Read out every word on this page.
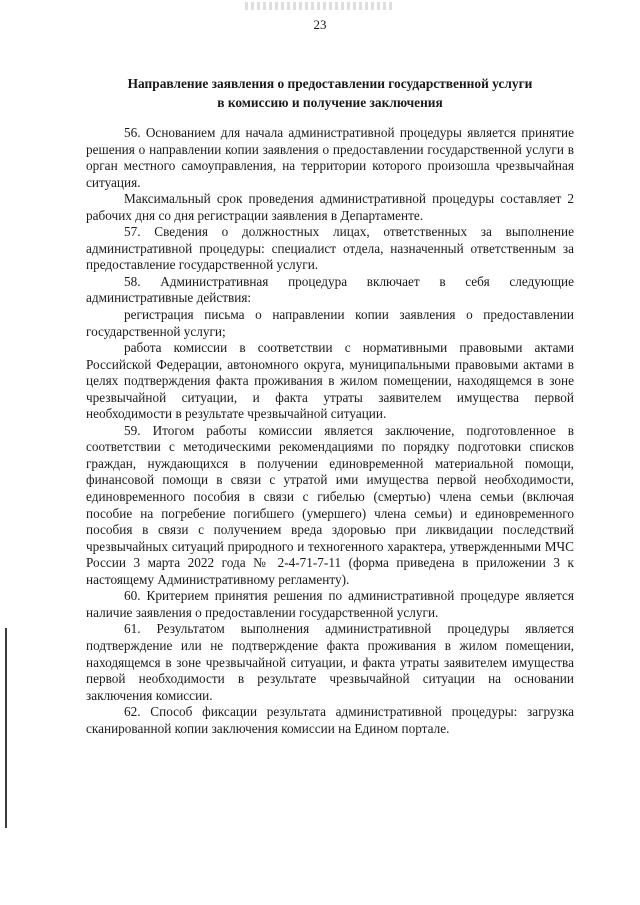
23
Направление заявления о предоставлении государственной услуги
в комиссию и получение заключения

56. Основанием для начала административной процедуры является принятие решения о направлении копии заявления о предоставлении государственной услуги в орган местного самоуправления, на территории которого произошла чрезвычайная ситуация.

Максимальный срок проведения административной процедуры составляет 2 рабочих дня со дня регистрации заявления в Департаменте.

57. Сведения о должностных лицах, ответственных за выполнение административной процедуры: специалист отдела, назначенный ответственным за предоставление государственной услуги.

58. Административная процедура включает в себя следующие административные действия:

регистрация письма о направлении копии заявления о предоставлении государственной услуги;

работа комиссии в соответствии с нормативными правовыми актами Российской Федерации, автономного округа, муниципальными правовыми актами в целях подтверждения факта проживания в жилом помещении, находящемся в зоне чрезвычайной ситуации, и факта утраты заявителем имущества первой необходимости в результате чрезвычайной ситуации.

59. Итогом работы комиссии является заключение, подготовленное в соответствии с методическими рекомендациями по порядку подготовки списков граждан, нуждающихся в получении единовременной материальной помощи, финансовой помощи в связи с утратой ими имущества первой необходимости, единовременного пособия в связи с гибелью (смертью) члена семьи (включая пособие на погребение погибшего (умершего) члена семьи) и единовременного пособия в связи с получением вреда здоровью при ликвидации последствий чрезвычайных ситуаций природного и техногенного характера, утвержденными МЧС России 3 марта 2022 года № 2-4-71-7-11 (форма приведена в приложении 3 к настоящему Административному регламенту).

60. Критерием принятия решения по административной процедуре является наличие заявления о предоставлении государственной услуги.

61. Результатом выполнения административной процедуры является подтверждение или не подтверждение факта проживания в жилом помещении, находящемся в зоне чрезвычайной ситуации, и факта утраты заявителем имущества первой необходимости в результате чрезвычайной ситуации на основании заключения комиссии.

62. Способ фиксации результата административной процедуры: загрузка сканированной копии заключения комиссии на Едином портале.
